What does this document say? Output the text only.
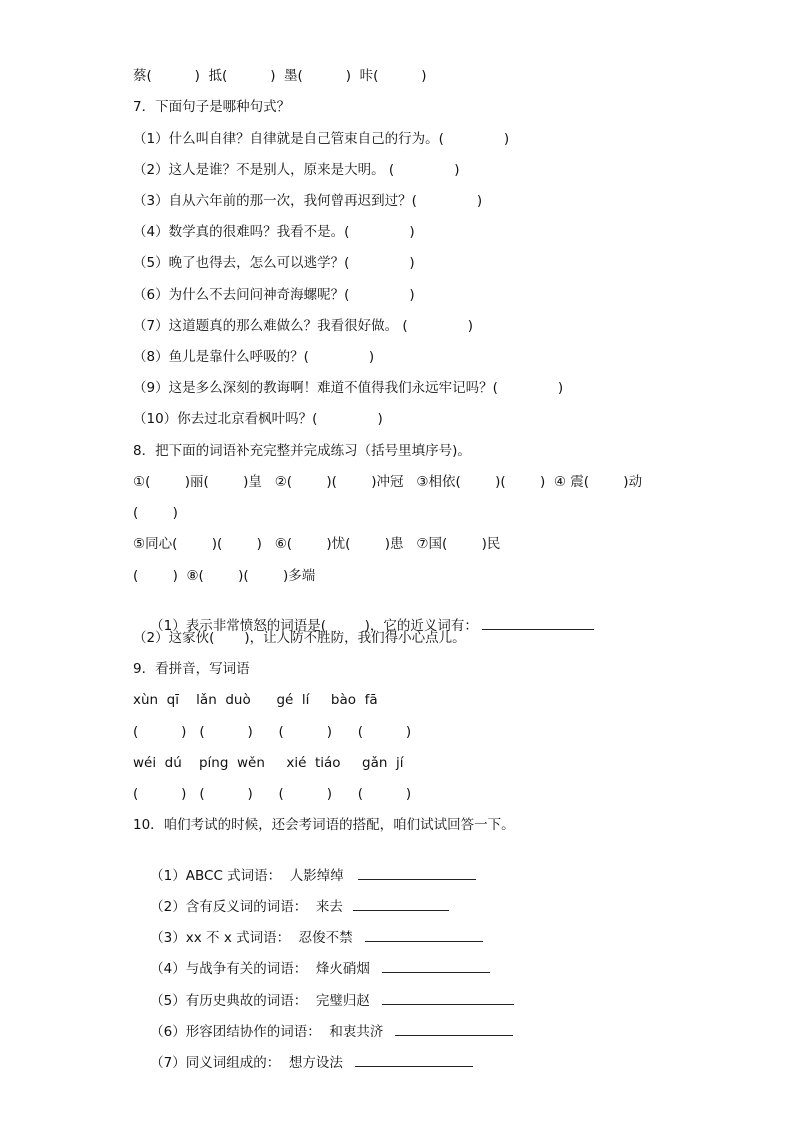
蔡(          )  抵(          )  墨(          )  咔(          )
7．下面句子是哪种句式？
（1）什么叫自律？自律就是自己管束自己的行为。(              )
（2）这人是谁？不是别人，原来是大明。 (              )
（3）自从六年前的那一次，我何曾再迟到过？(              )
（4）数学真的很难吗？我看不是。(              )
（5）晚了也得去，怎么可以逃学？(              )
（6）为什么不去问问神奇海螺呢？(              )
（7）这道题真的那么难做么？我看很好做。 (              )
（8）鱼儿是靠什么呼吸的？(              )
（9）这是多么深刻的教诲啊！难道不值得我们永远牢记吗？(              )
（10）你去过北京看枫叶吗？(              )
8．把下面的词语补充完整并完成练习（括号里填序号)。
①(        )丽(        )皇   ②(        )(        )冲冠   ③相依(        )(        )  ④ 震(        )动
(        )
⑤同心(        )(        )   ⑥(        )忧(        )患   ⑦国(        )民
(        )  ⑧(        )(        )多端

（1）表示非常愤怒的词语是(         )，它的近义词有：

（2）这家伙(       )，让人防不胜防，我们得小心点儿。
9．看拼音，写词语
xùn  qī    lǎn  duò      gé  lí     bào  fā
(          )   (          )      (          )      (          )
wéi  dú    píng  wěn     xié  tiáo     gǎn  jí
(          )   (          )      (          )      (          )
10．咱们考试的时候，还会考词语的搭配，咱们试试回答一下。

（1）ABCC 式词语：  人影绰绰

（2）含有反义词的词语：  来去

（3）xx 不 x 式词语：  忍俊不禁

（4）与战争有关的词语：  烽火硝烟

（5）有历史典故的词语：  完璧归赵

（6）形容团结协作的词语：  和衷共济

（7）同义词组成的：  想方设法
